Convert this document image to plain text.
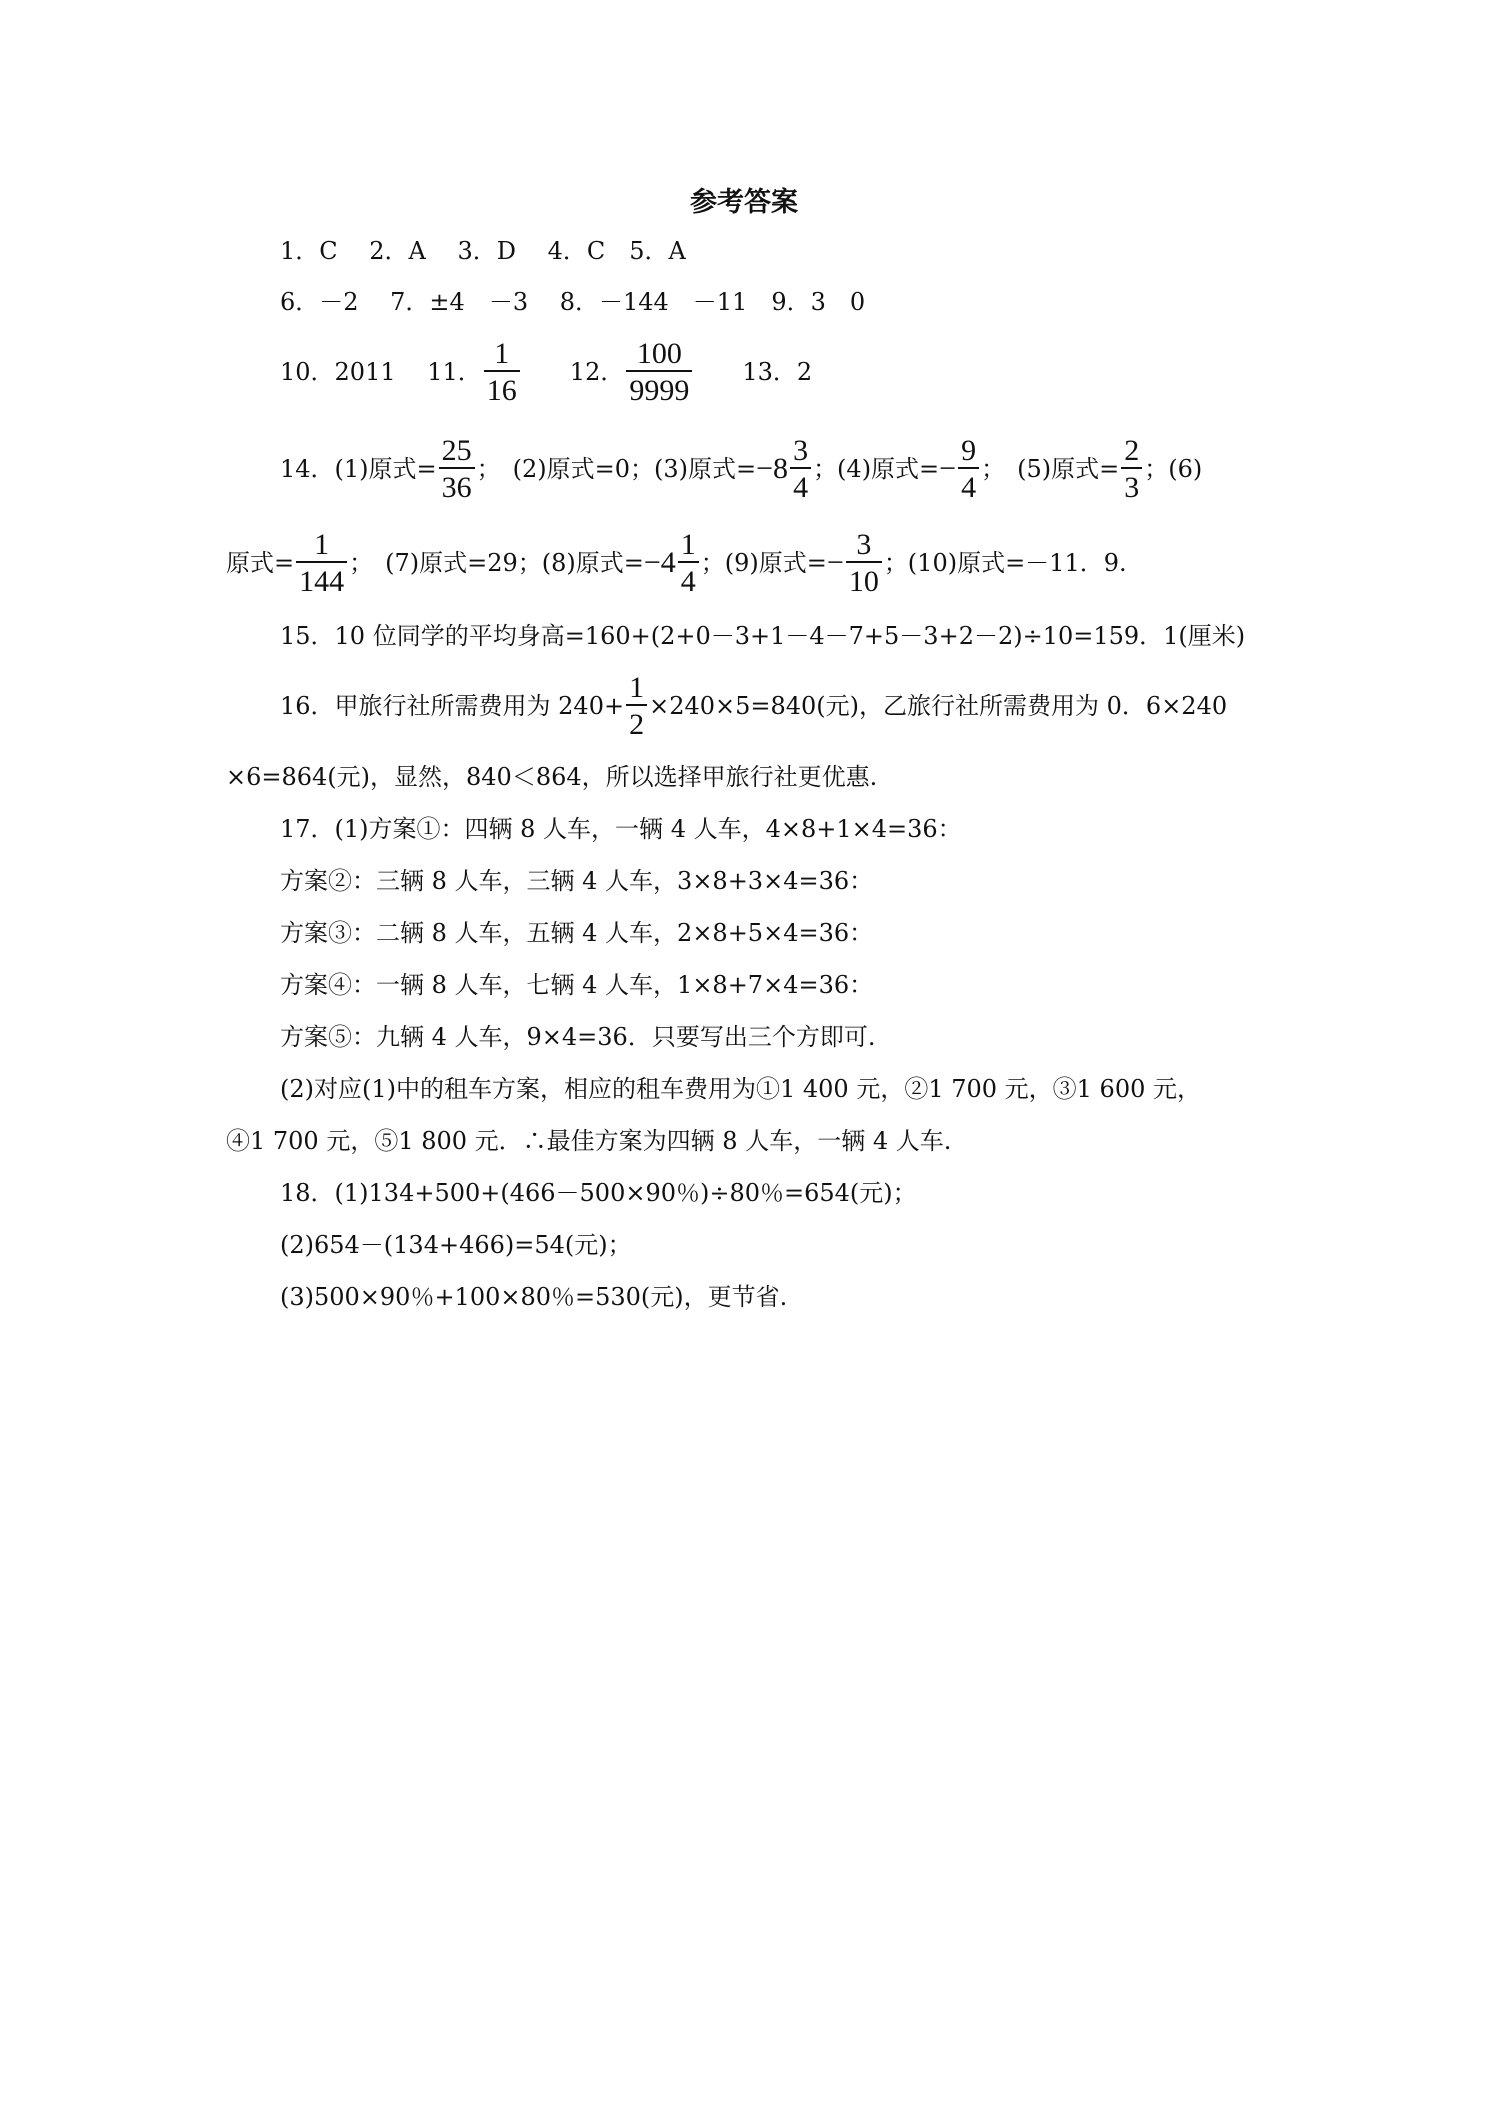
参考答案
1．C　 2．A　 3．D　 4．C　5．A
6．－2　 7．±4　－3　 8．－144　－11　9．3　0
10．2011　 11． $\frac{1}{16}$ 　　12． $\frac{100}{9999}$ 　　13．2
14．(1)原式= $\frac{25}{36}$ ；　(2)原式=0；(3)原式= $-8 \frac{3}{4}$ ；(4)原式= − $\frac{9}{4}$ ；　(5)原式= $\frac{2}{3}$ ；(6)
原式= $\frac{1}{144}$ ；　(7)原式=29；(8)原式= $-4 \frac{1}{4}$ ；(9)原式= − $\frac{3}{10}$ ；(10)原式=－11．9.
15．10 位同学的平均身高=160+(2+0－3+1－4－7+5－3+2－2)÷10=159．1(厘米)
16．甲旅行社所需费用为 $240+ \frac{1}{2} \times 240\times 5=840$(元)，乙旅行社所需费用为 0．6×240
×6=864(元)，显然，840＜864，所以选择甲旅行社更优惠.
17．(1)方案①：四辆 8 人车，一辆 4 人车，4×8+1×4=36：
方案②：三辆 8 人车，三辆 4 人车，3×8+3×4=36：
方案③：二辆 8 人车，五辆 4 人车，2×8+5×4=36：
方案④：一辆 8 人车，七辆 4 人车，1×8+7×4=36：
方案⑤：九辆 4 人车，9×4=36．只要写出三个方即可.
(2)对应(1)中的租车方案，相应的租车费用为①1 400 元，②1 700 元，③1 600 元，
④1 700 元，⑤1 800 元．∴最佳方案为四辆 8 人车，一辆 4 人车.
18．(1)134+500+(466－500×90％)÷80％=654(元)；
(2)654－(134+466)=54(元)；
(3)500×90％+100×80％=530(元)，更节省.
